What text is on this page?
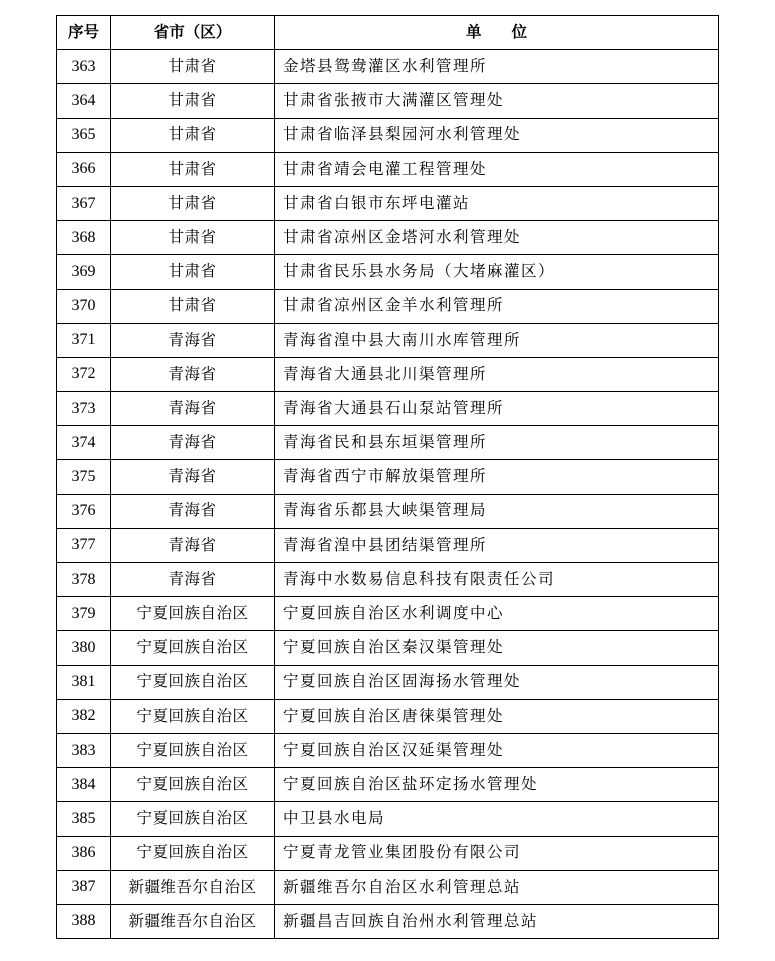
序号	省市（区）	单位
363	甘肃省	金塔县鸳鸯灌区水利管理所
364	甘肃省	甘肃省张掖市大满灌区管理处
365	甘肃省	甘肃省临泽县梨园河水利管理处
366	甘肃省	甘肃省靖会电灌工程管理处
367	甘肃省	甘肃省白银市东坪电灌站
368	甘肃省	甘肃省凉州区金塔河水利管理处
369	甘肃省	甘肃省民乐县水务局（大堵麻灌区）
370	甘肃省	甘肃省凉州区金羊水利管理所
371	青海省	青海省湟中县大南川水库管理所
372	青海省	青海省大通县北川渠管理所
373	青海省	青海省大通县石山泵站管理所
374	青海省	青海省民和县东垣渠管理所
375	青海省	青海省西宁市解放渠管理所
376	青海省	青海省乐都县大峡渠管理局
377	青海省	青海省湟中县团结渠管理所
378	青海省	青海中水数易信息科技有限责任公司
379	宁夏回族自治区	宁夏回族自治区水利调度中心
380	宁夏回族自治区	宁夏回族自治区秦汉渠管理处
381	宁夏回族自治区	宁夏回族自治区固海扬水管理处
382	宁夏回族自治区	宁夏回族自治区唐徕渠管理处
383	宁夏回族自治区	宁夏回族自治区汉延渠管理处
384	宁夏回族自治区	宁夏回族自治区盐环定扬水管理处
385	宁夏回族自治区	中卫县水电局
386	宁夏回族自治区	宁夏青龙管业集团股份有限公司
387	新疆维吾尔自治区	新疆维吾尔自治区水利管理总站
388	新疆维吾尔自治区	新疆昌吉回族自治州水利管理总站
